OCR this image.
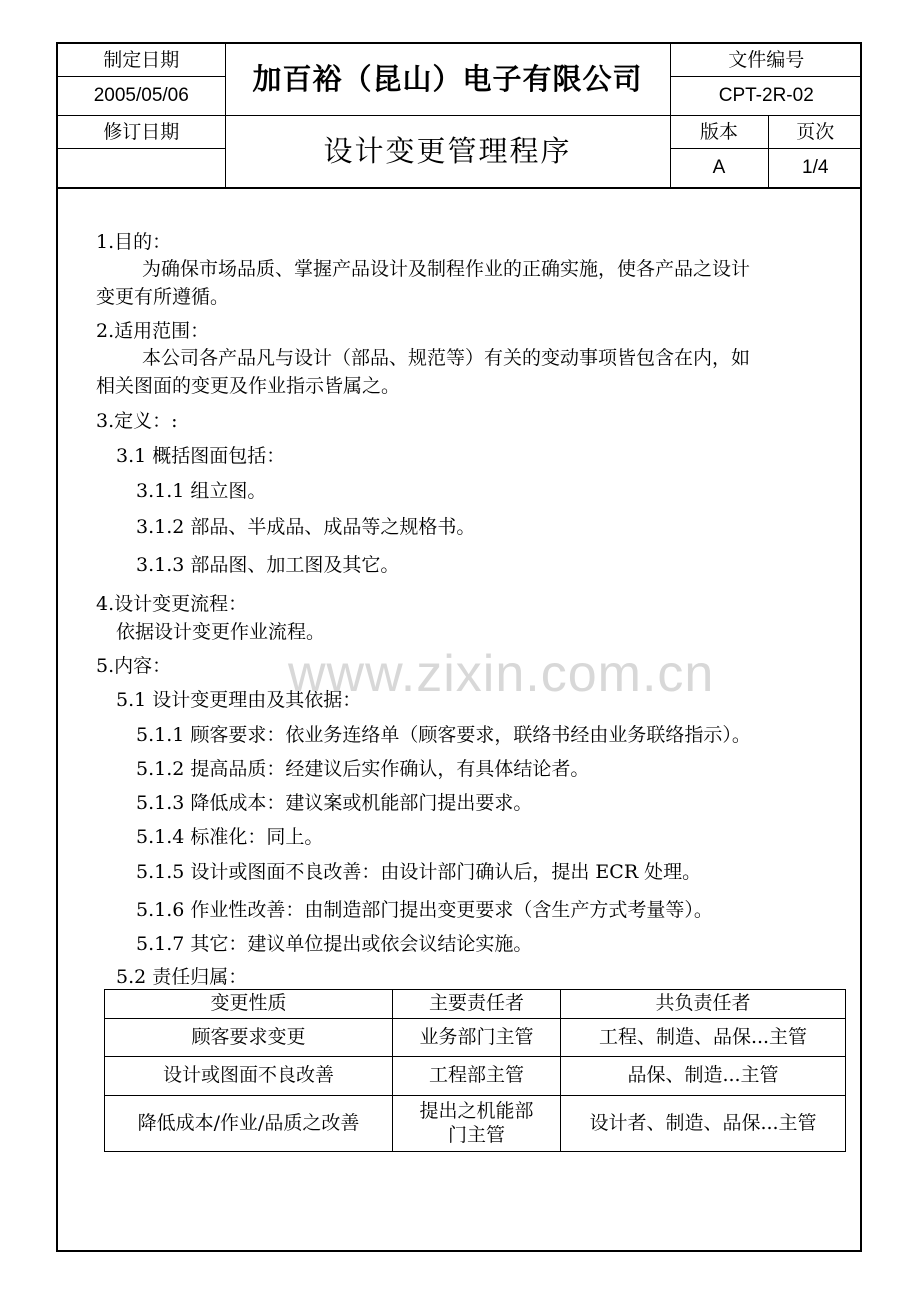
制定日期	加百裕（昆山）电子有限公司	文件编号	
2005/05/06		CPT-2R-02	
修订日期	设计变更管理程序	版本	页次
		A	1/4
1.目的：
为确保市场品质、掌握产品设计及制程作业的正确实施，使各产品之设计
变更有所遵循。
2.适用范围：
本公司各产品凡与设计（部品、规范等）有关的变动事项皆包含在内，如
相关图面的变更及作业指示皆属之。
3.定义：:
3.1 概括图面包括：
3.1.1 组立图。
3.1.2 部品、半成品、成品等之规格书。
3.1.3 部品图、加工图及其它。
4.设计变更流程：
依据设计变更作业流程。
5.内容：
5.1 设计变更理由及其依据：
5.1.1 顾客要求：依业务连络单（顾客要求，联络书经由业务联络指示）。
5.1.2 提高品质：经建议后实作确认，有具体结论者。
5.1.3 降低成本：建议案或机能部门提出要求。
5.1.4 标准化：同上。
5.1.5 设计或图面不良改善：由设计部门确认后，提出 ECR 处理。
5.1.6 作业性改善：由制造部门提出变更要求（含生产方式考量等）。
5.1.7 其它：建议单位提出或依会议结论实施。
5.2 责任归属：
www.zixin.com.cn
变更性质	主要责任者	共负责任者
顾客要求变更	业务部门主管	工程、制造、品保...主管
设计或图面不良改善	工程部主管	品保、制造...主管
降低成本/作业/品质之改善	提出之机能部门主管	设计者、制造、品保...主管
